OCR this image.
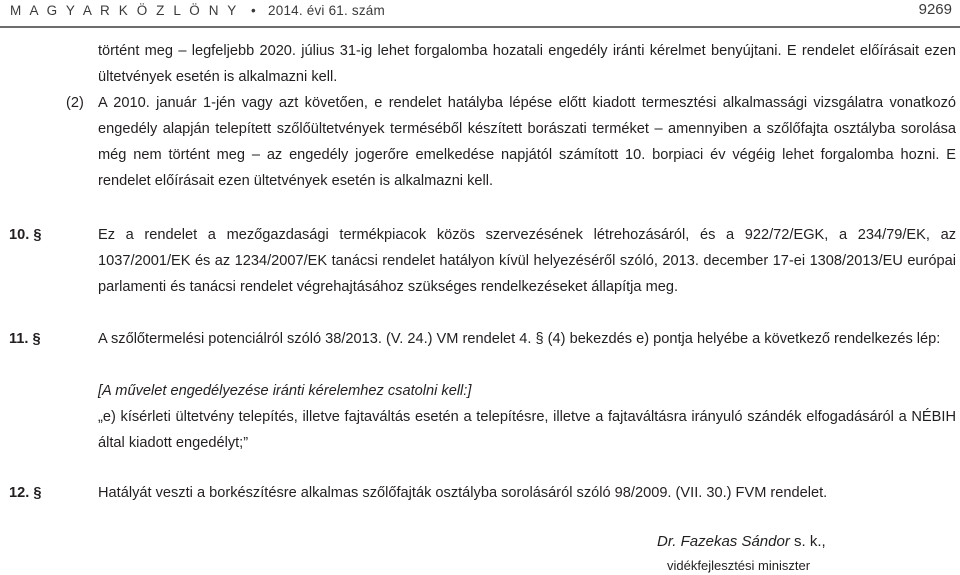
M A G Y A R K Ö Z L Ö N Y • 2014. évi 61. szám	9269
történt meg – legfeljebb 2020. július 31-ig lehet forgalomba hozatali engedély iránti kérelmet benyújtani. E rendelet előírásait ezen ültetvények esetén is alkalmazni kell.
(2) A 2010. január 1-jén vagy azt követően, e rendelet hatályba lépése előtt kiadott termesztési alkalmassági vizsgálatra vonatkozó engedély alapján telepített szőlőültetvények terméséből készített borászati terméket – amennyiben a szőlőfajta osztályba sorolása még nem történt meg – az engedély jogerőre emelkedése napjától számított 10. borpiaci év végéig lehet forgalomba hozni. E rendelet előírásait ezen ültetvények esetén is alkalmazni kell.
10. §	Ez a rendelet a mezőgazdasági termékpiacok közös szervezésének létrehozásáról, és a 922/72/EGK, a 234/79/EK, az 1037/2001/EK és az 1234/2007/EK tanácsi rendelet hatályon kívül helyezéséről szóló, 2013. december 17-ei 1308/2013/EU európai parlamenti és tanácsi rendelet végrehajtásához szükséges rendelkezéseket állapítja meg.
11. §	A szőlőtermelési potenciálról szóló 38/2013. (V. 24.) VM rendelet 4. § (4) bekezdés e) pontja helyébe a következő rendelkezés lép:
[A művelet engedélyezése iránti kérelemhez csatolni kell:]
„e) kísérleti ültetvény telepítés, illetve fajtaváltás esetén a telepítésre, illetve a fajtaváltásra irányuló szándék elfogadásáról a NÉBIH által kiadott engedélyt;”
12. §	Hatályát veszti a borkészítésre alkalmas szőlőfajták osztályba sorolásáról szóló 98/2009. (VII. 30.) FVM rendelet.
Dr. Fazekas Sándor s. k.,
vidékfejlesztési miniszter
